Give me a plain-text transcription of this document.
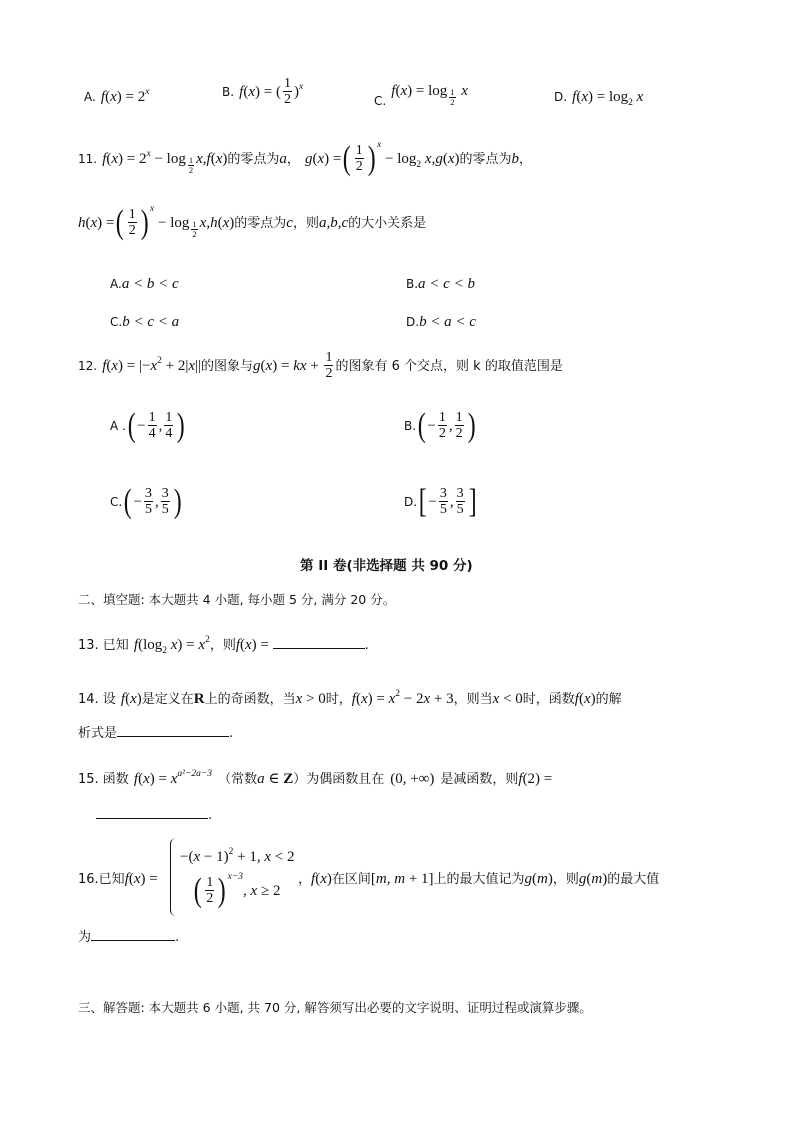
A. $f(x) = 2^x$	B. f(x) = ( $\frac{1}{2} )^x$
$_{C.}$ $f(x) = \log \frac{1}{2}$ x	D. $f(x) = \log_2 x$
11. $f(x) = 2^x - \log \frac{1}{2} x,f(x)$的零点为a， g(x) =( $\frac{1}{2}$ ) $^x - \log_2 x,g(x)$的零点为b，
h(x) =( $\frac{1}{2}$ ) $^x - \log \frac{1}{2} x,h(x)$的零点为c，则a,b,c的大小关系是
A.a < b < c	B.a < c < b
C.b < c < a	D.b < a < c
12. $f(x) = |-x^2 + 2|x||$的图象与g(x) = kx + $\frac{1}{2}$ 的图象有 6 个交点，则 k 的取值范围是
A .( − $\frac{1}{4}$ , $\frac{1}{4}$ )	$B.( - \frac{1}{2}$ , $\frac{1}{2}$ )
$C.( - \frac{3}{5}$ , $\frac{3}{5}$ )	$D.[ - \frac{3}{5}$ , $\frac{3}{5}$ ]
第 II 卷(非选择题 共 90 分)
二、填空题: 本大题共 4 小题, 每小题 5 分, 满分 20 分。
13. 已知 $f(\log_2$ $x) = x^2$，则f(x) =	.
14. 设 f(x)是定义在R上的奇函数，当x > 0时，$f(x) = x^2 - 2x + 3$，则当x < 0时，函数f(x)的解
析式是	.
15. 函数 $f(x) = x^{a^2-2a-3}$ （常数a ∈ Z）为偶函数且在 (0, +∞) 是减函数，则f(2) =
.
16.已知f(x) =
$-(x - 1)^2 + 1$, x < 2
( $\frac{1}{2}$ ) $^{x-3}$, x ≥ 2
，f(x)在区间[m, m + 1]上的最大值记为g(m)，则g(m)的最大值
为	.
三、解答题: 本大题共 6 小题, 共 70 分, 解答须写出必要的文字说明、证明过程或演算步骤。
